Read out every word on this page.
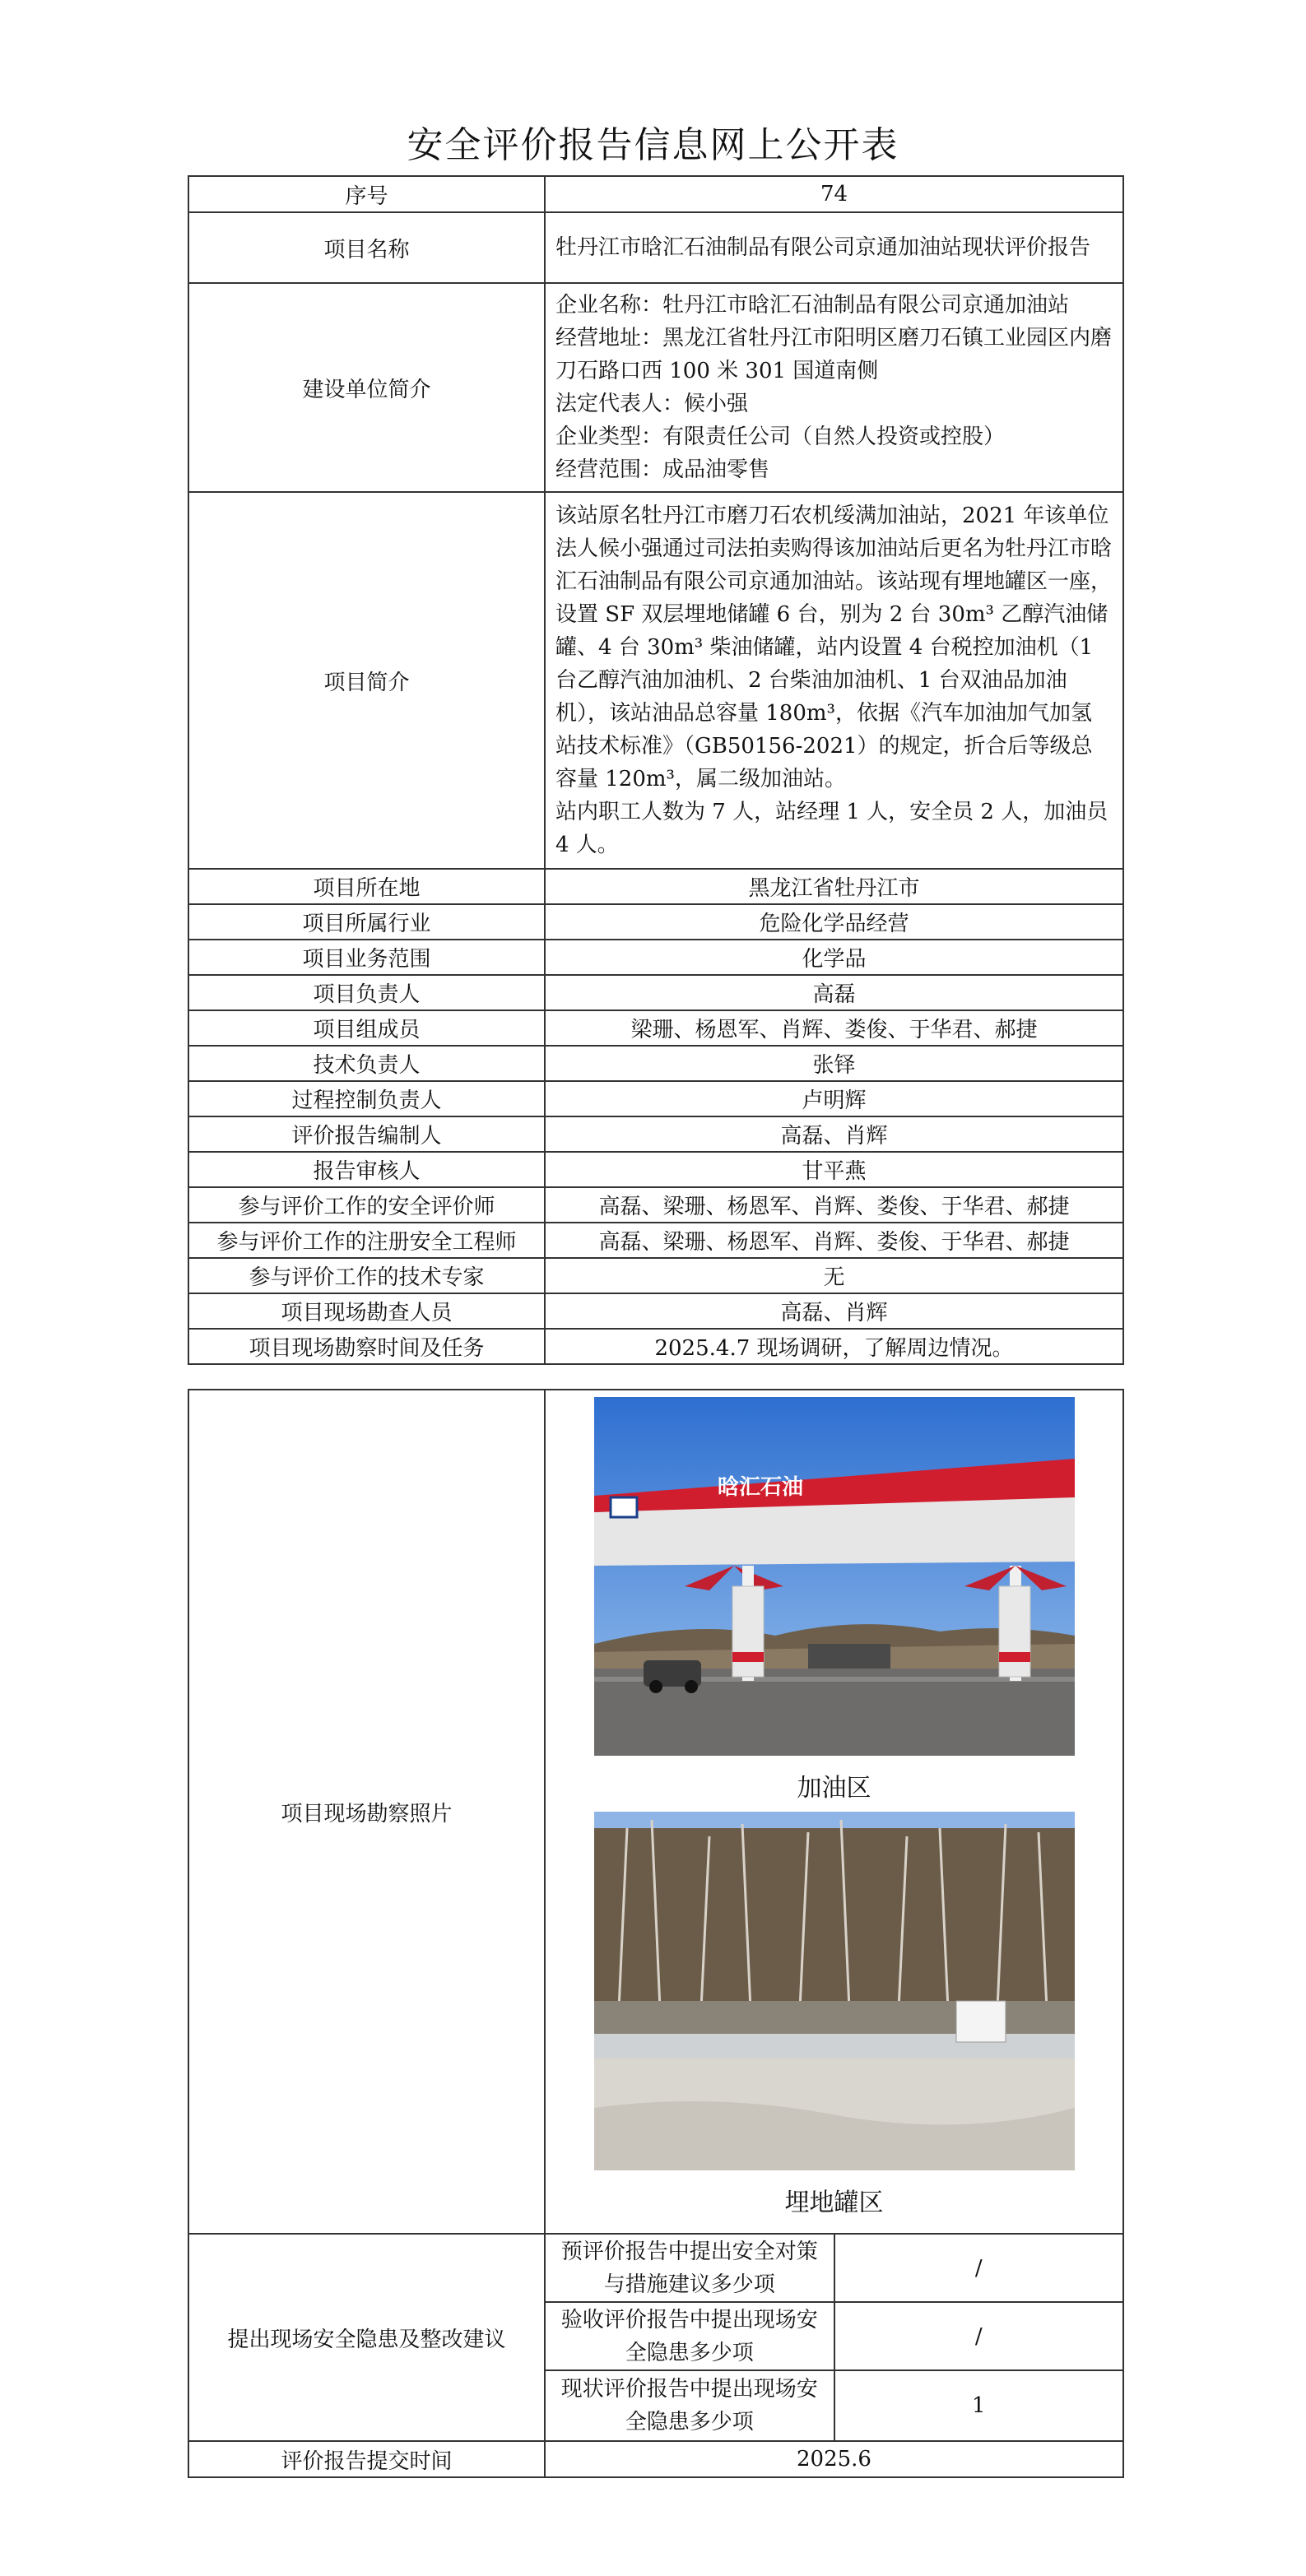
安全评价报告信息网上公开表
序号	74
项目名称	牡丹江市晗汇石油制品有限公司京通加油站现状评价报告
建设单位简介	企业名称：牡丹江市晗汇石油制品有限公司京通加油站
经营地址：黑龙江省牡丹江市阳明区磨刀石镇工业园区内磨刀石路口西 100 米 301 国道南侧
法定代表人：候小强
企业类型：有限责任公司（自然人投资或控股）
经营范围：成品油零售

项目简介	该站原名牡丹江市磨刀石农机绥满加油站，2021 年该单位法人候小强通过司法拍卖购得该加油站后更名为牡丹江市晗汇石油制品有限公司京通加油站。该站现有埋地罐区一座，设置 SF 双层埋地储罐 6 台，别为 2 台 30m³ 乙醇汽油储罐、4 台 30m³ 柴油储罐，站内设置 4 台税控加油机（1 台乙醇汽油加油机、2 台柴油加油机、1 台双油品加油机），该站油品总容量 180m³，依据《汽车加油加气加氢站技术标准》（GB50156-2021）的规定，折合后等级总容量 120m³，属二级加油站。

站内职工人数为 7 人，站经理 1 人，安全员 2 人，加油员 4 人。

项目所在地	黑龙江省牡丹江市
项目所属行业	危险化学品经营
项目业务范围	化学品
项目负责人	高磊
项目组成员	梁珊、杨恩军、肖辉、娄俊、于华君、郝捷
技术负责人	张铎
过程控制负责人	卢明辉
评价报告编制人	高磊、肖辉
报告审核人	甘平燕
参与评价工作的安全评价师	高磊、梁珊、杨恩军、肖辉、娄俊、于华君、郝捷
参与评价工作的注册安全工程师	高磊、梁珊、杨恩军、肖辉、娄俊、于华君、郝捷
参与评价工作的技术专家	无
项目现场勘查人员	高磊、肖辉
项目现场勘察时间及任务	2025.4.7 现场调研，了解周边情况。
项目现场勘察照片	晗汇石油
加油区
埋地罐区	

提出现场安全隐患及整改建议	预评价报告中提出安全对策与措施建议多少项	/
	验收评价报告中提出现场安全隐患多少项	/
	现状评价报告中提出现场安全隐患多少项	1
评价报告提交时间	2025.6	
